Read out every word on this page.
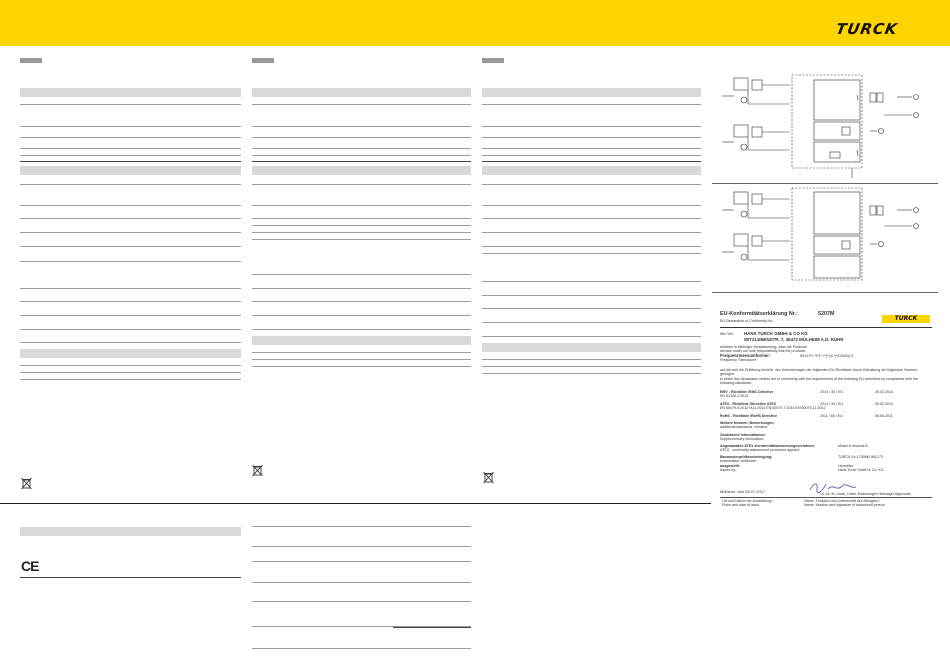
TURCK
CE
EU-Konformitätserklärung Nr.:	5207M
EU Declaration of Conformity No.:	TURCK
Wir/ We: HANS TURCK GMBH & CO KG
WITZLEBENSTR. 7, 45472 MÜLHEIM A.D. RUHR
erklären in alleiniger Verantwortung, dass die Produkte
declare under our sole responsibility that the products
Frequenzmessumformer:	IM12-FI*-*EF-*/*(*)/C*(*/D/N/D)(*)
Frequency Transducer
auf die sich die Erklärung bezieht, den Anforderungen der folgenden EU-Richtlinien durch Einhaltung der folgenden Normen genügen:
to which this declaration relates are in conformity with the requirements of the following EU-directives by compliance with the following standards:
EMV - Richtlinie /EMC Directive	2014 / 30 / EU	26.02.2014
EN 61326-1:2013
ATEX - Richtlinie /Directive ATEX	2014 / 34 / EU	26.02.2014
EN 60079-0:2012+A11:2013 EN 60079-7:2015 EN 60079-11:2012
RoHS - Richtlinie /RoHS Directive	2011 / 65 / EU	08.06.2011
Weitere Normen, Bemerkungen:
additional standards, remarks:
Zusätzliche Informationen:
Supplementary information:
Angewandtes ATEX-Konformitätsbewertungsverfahren:
ATEX - conformity assessment procedure applied:
Modul A /module A
Baumusterprüfbescheinigung:
examination certificate:
TURCK Ex-17008M IM12-Ti
ausgestellt:
issued by:
Hersteller
Hans Turck GmbH & Co. KG
Mülheim, den 26.07.2017	i.V. Dr. M. Linde, Leiter Zulassungen /Manager Approvals
Ort und Datum der Ausstellung /
Place and date of issue
Name, Funktion und Unterschrift des Befugten /
Name, function and signature of authorized person
